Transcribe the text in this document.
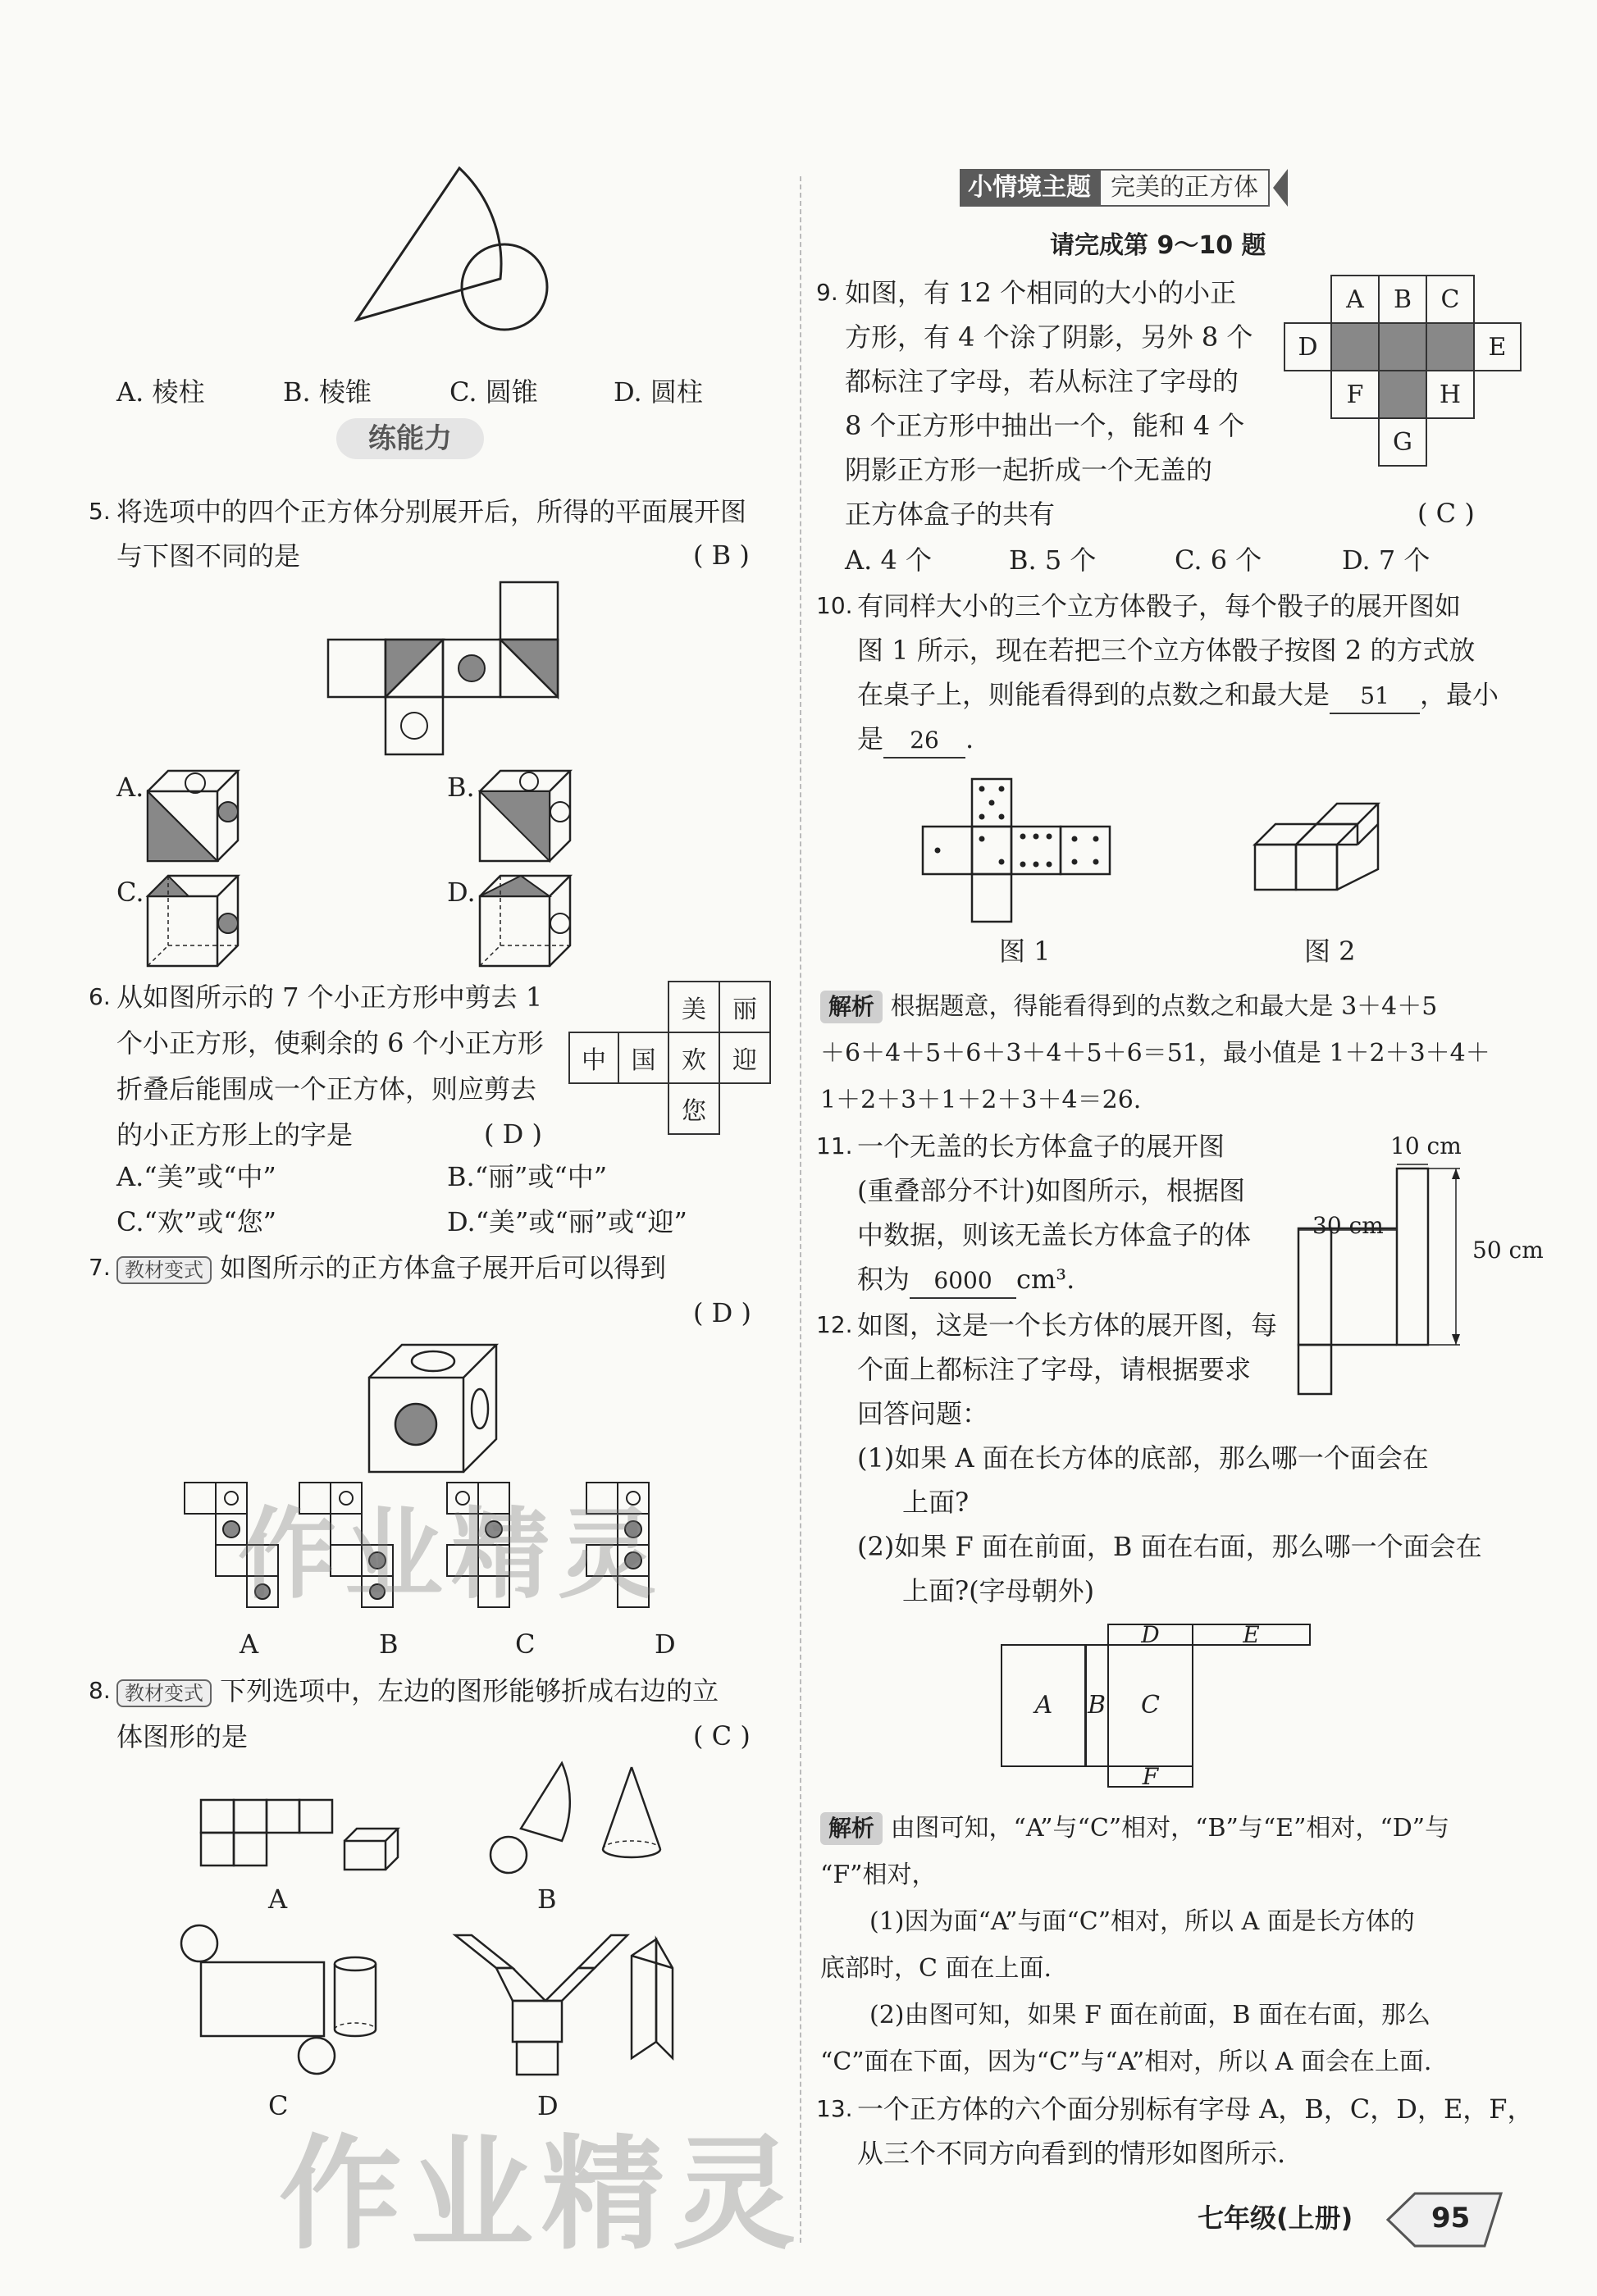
A. 棱柱	B. 棱锥	C. 圆锥	D. 圆柱
练能力
5. 将选项中的四个正方体分别展开后，所得的平面展开图
与下图不同的是	( B )
A.	B.
C.	D.
6. 从如图所示的 7 个小正方形中剪去 1
个小正方形，使剩余的 6 个小正方形
折叠后能围成一个正方体，则应剪去
的小正方形上的字是	( D )
		美	丽
中	国	欢	迎
		您	
A.“美”或“中”	B.“丽”或“中”
C.“欢”或“您”	D.“美”或“丽”或“迎”
7. 教材变式 如图所示的正方体盒子展开后可以得到
( D )
A	B	C	D
8. 教材变式 下列选项中，左边的图形能够折成右边的立
体图形的是	( C )
A	B
C	D
小情境主题 完美的正方体
请完成第 9～10 题
9. 如图，有 12 个相同的大小的小正
方形，有 4 个涂了阴影，另外 8 个
都标注了字母，若从标注了字母的
8 个正方形中抽出一个，能和 4 个
阴影正方形一起折成一个无盖的
正方体盒子的共有	( C )
	A	B	C	
D				E
	F		H	
		G		
A. 4 个	B. 5 个	C. 6 个	D. 7 个
10. 有同样大小的三个立方体骰子，每个骰子的展开图如
图 1 所示，现在若把三个立方体骰子按图 2 的方式放
在桌子上，则能看得到的点数之和最大是 51 ，最小
是 26 .
图 1	图 2
解析 根据题意，得能看得到的点数之和最大是 3＋4＋5
＋6＋4＋5＋6＋3＋4＋5＋6＝51，最小值是 1＋2＋3＋4＋
1＋2＋3＋1＋2＋3＋4＝26.
11. 一个无盖的长方体盒子的展开图
(重叠部分不计)如图所示，根据图
中数据，则该无盖长方体盒子的体
积为 6000 cm³.
10 cm
30 cm
50 cm
12. 如图，这是一个长方体的展开图，每
个面上都标注了字母，请根据要求
回答问题：
(1)如果 A 面在长方体的底部，那么哪一个面会在
上面?
(2)如果 F 面在前面，B 面在右面，那么哪一个面会在
上面?(字母朝外)
A	B	C
D	E
F
解析 由图可知，“A”与“C”相对，“B”与“E”相对，“D”与
“F”相对，
(1)因为面“A”与面“C”相对，所以 A 面是长方体的
底部时，C 面在上面.
(2)由图可知，如果 F 面在前面，B 面在右面，那么
“C”面在下面，因为“C”与“A”相对，所以 A 面会在上面.
13. 一个正方体的六个面分别标有字母 A，B，C，D，E，F，
从三个不同方向看到的情形如图所示.
七年级(上册)	95
作业精灵
作业精灵
